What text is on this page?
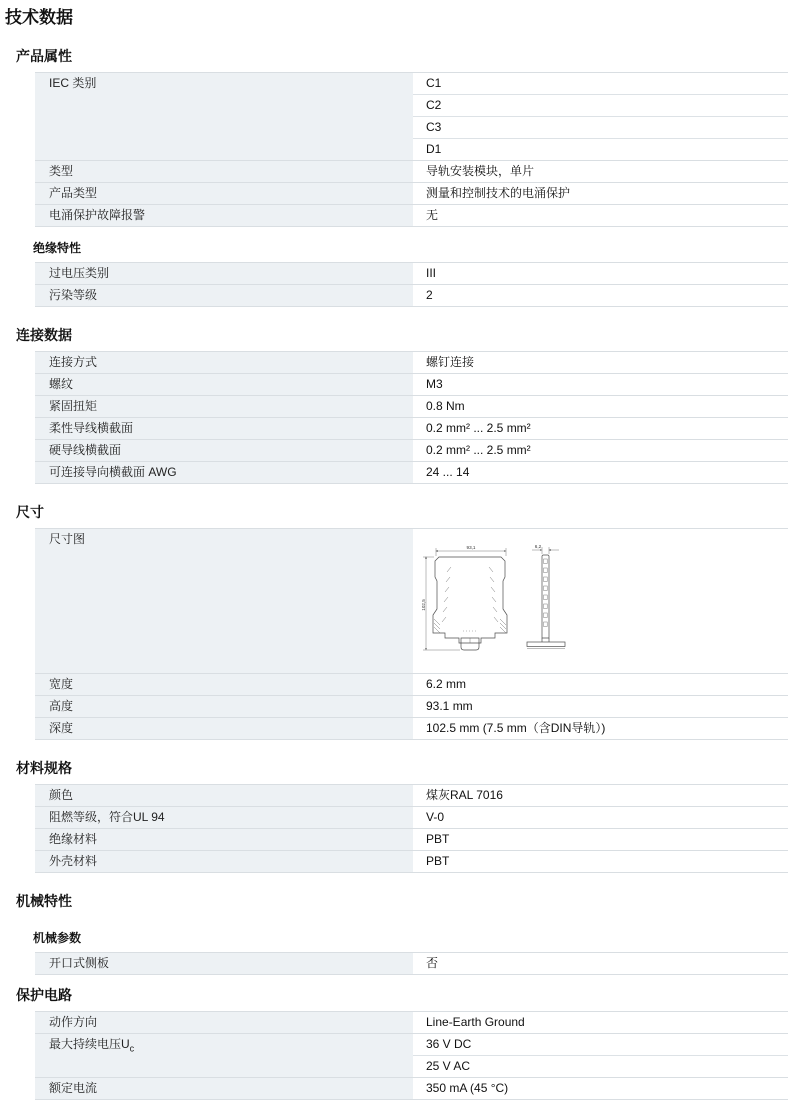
技术数据
产品属性
IEC 类别	C1
C2
C3
D1
类型	导轨安装模块，单片
产品类型	测量和控制技术的电涌保护
电涌保护故障报警	无
绝缘特性
过电压类别	III
污染等级	2
连接数据
连接方式	螺钉连接
螺纹	M3
紧固扭矩	0.8 Nm
柔性导线横截面	0.2 mm² ... 2.5 mm²
硬导线横截面	0.2 mm² ... 2.5 mm²
可连接导向横截面 AWG	24 ... 14
尺寸
尺寸图
93,1
102,5
6,2
宽度	6.2 mm
高度	93.1 mm
深度	102.5 mm (7.5 mm（含DIN导轨）)
材料规格
颜色	煤灰RAL 7016
阻燃等级，符合UL 94	V-0
绝缘材料	PBT
外壳材料	PBT
机械特性
机械参数
开口式侧板	否
保护电路
动作方向	Line-Earth Ground
最大持续电压$U_c$	36 V DC
25 V AC
额定电流	350 mA (45 °C)
